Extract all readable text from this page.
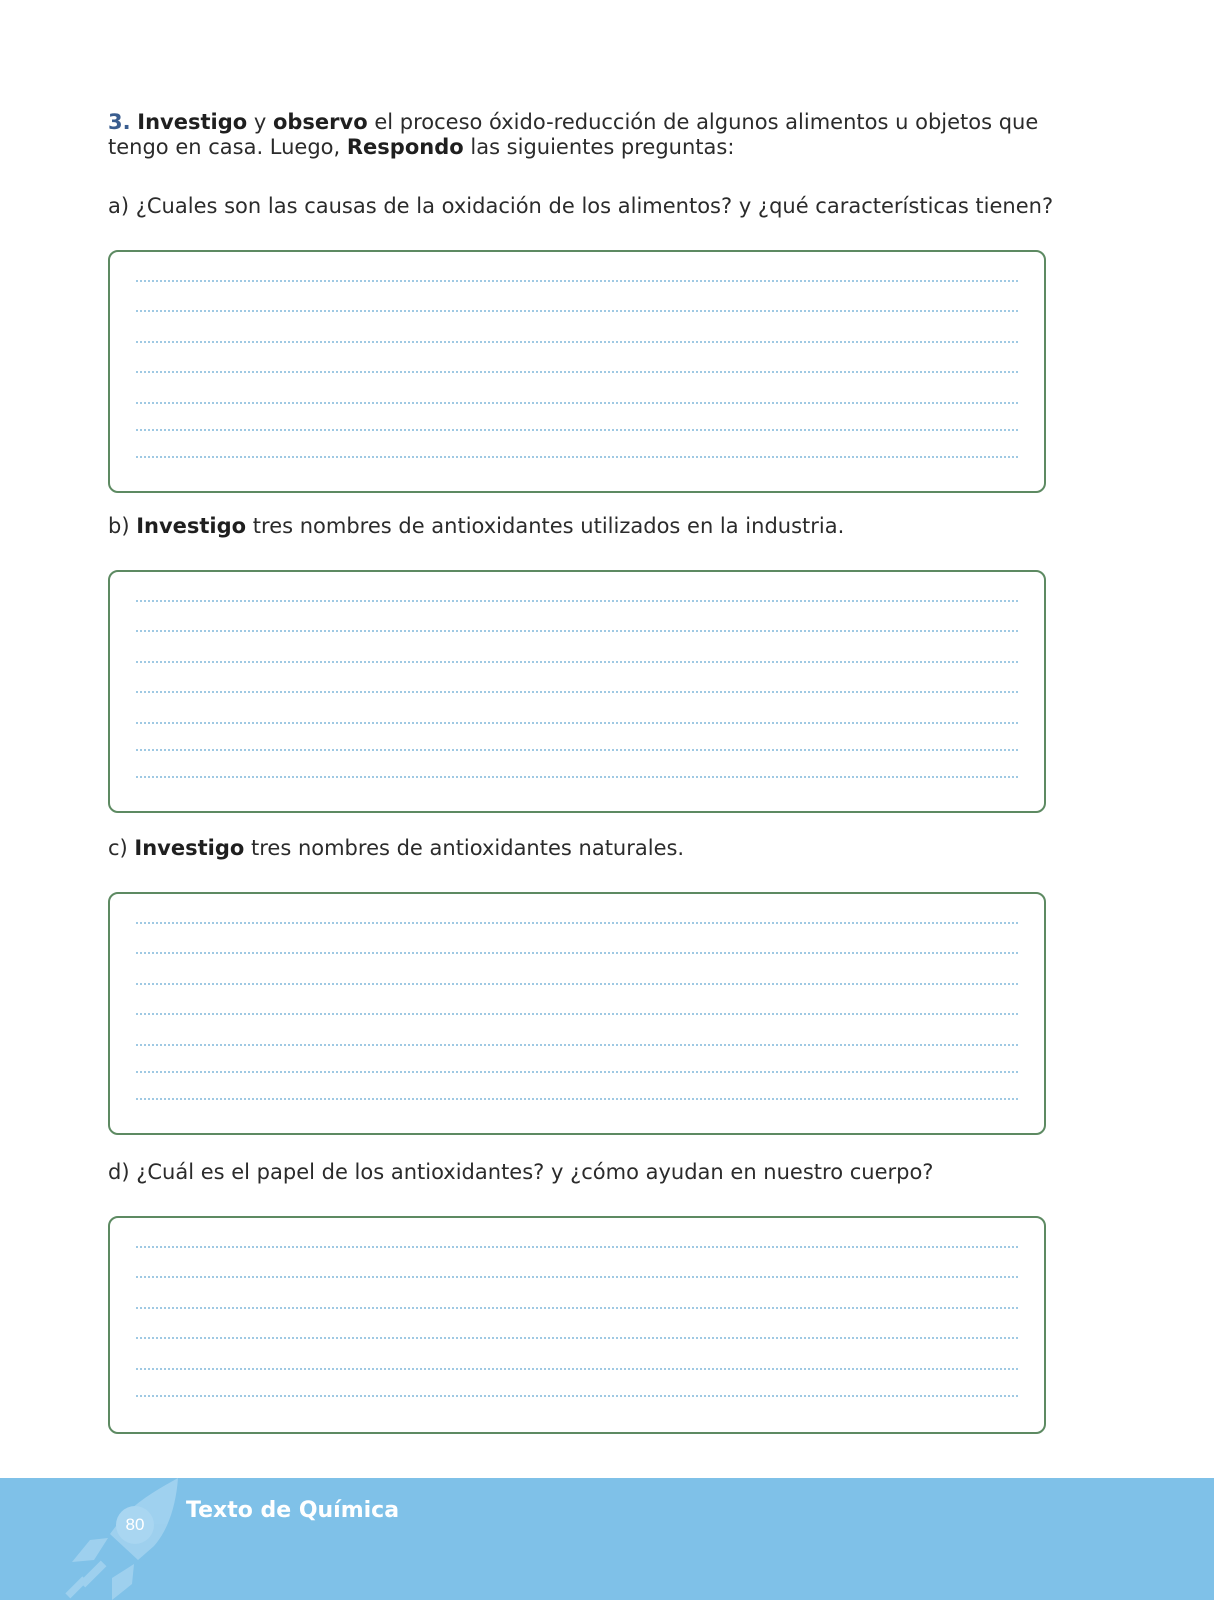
3. Investigo y observo el proceso óxido-reducción de algunos alimentos u objetos que tengo en casa. Luego, Respondo las siguientes preguntas:
a) ¿Cuales son las causas de la oxidación de los alimentos? y ¿qué características tienen?
b) Investigo tres nombres de antioxidantes utilizados en la industria.
c) Investigo tres nombres de antioxidantes naturales.
d) ¿Cuál es el papel de los antioxidantes? y ¿cómo ayudan en nuestro cuerpo?
80
Texto de Química
